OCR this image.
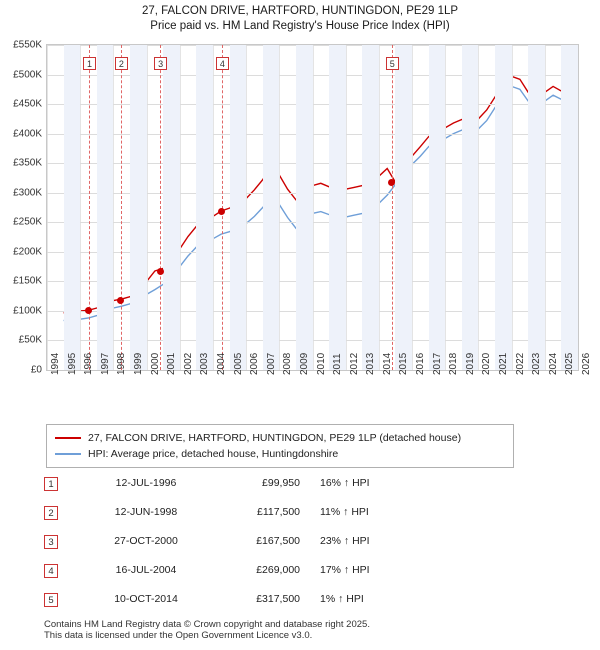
27, FALCON DRIVE, HARTFORD, HUNTINGDON, PE29 1LP
Price paid vs. HM Land Registry's House Price Index (HPI)
£0
£50K
£100K
£150K
£200K
£250K
£300K
£350K
£400K
£450K
£500K
£550K
1	2	3	4	5
1994 1995 1996 1997 1998 1999 2000 2001 2002 2003 2004 2005 2006 2007 2008 2009 2010 2011 2012 2013 2014 2015 2016 2017 2018 2019 2020 2021 2022 2023 2024 2025 2026
27, FALCON DRIVE, HARTFORD, HUNTINGDON, PE29 1LP (detached house)
HPI: Average price, detached house, Huntingdonshire
1	12-JUL-1996	£99,950 16% ↑ HPI
2	12-JUN-1998	£117,500 11% ↑ HPI
3	27-OCT-2000	£167,500 23% ↑ HPI
4	16-JUL-2004	£269,000 17% ↑ HPI
5	10-OCT-2014	£317,500 1% ↑ HPI
Contains HM Land Registry data © Crown copyright and database right 2025.
This data is licensed under the Open Government Licence v3.0.
